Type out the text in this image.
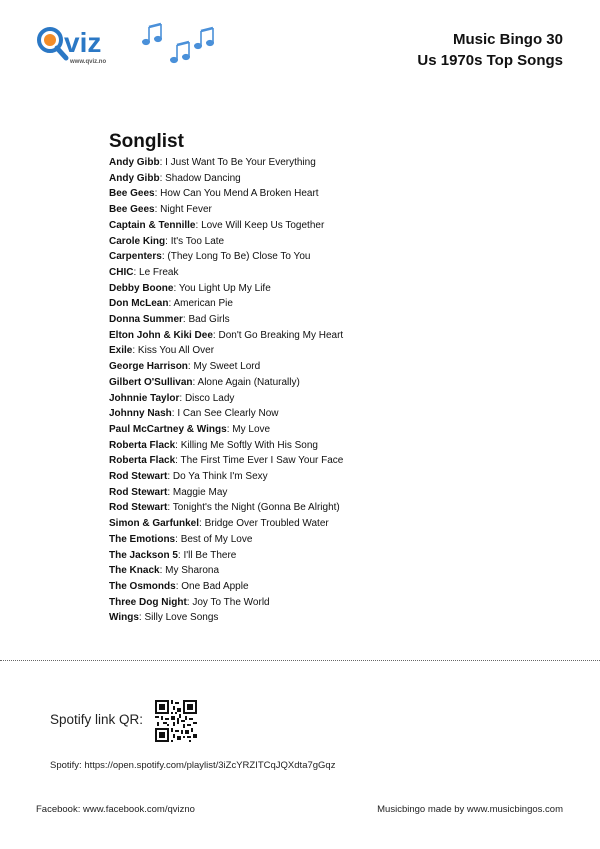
viz
www.qviz.no
Music Bingo 30
Us 1970s Top Songs
Songlist
Andy Gibb: I Just Want To Be Your Everything
Andy Gibb: Shadow Dancing
Bee Gees: How Can You Mend A Broken Heart
Bee Gees: Night Fever
Captain & Tennille: Love Will Keep Us Together
Carole King: It's Too Late
Carpenters: (They Long To Be) Close To You
CHIC: Le Freak
Debby Boone: You Light Up My Life
Don McLean: American Pie
Donna Summer: Bad Girls
Elton John & Kiki Dee: Don't Go Breaking My Heart
Exile: Kiss You All Over
George Harrison: My Sweet Lord
Gilbert O'Sullivan: Alone Again (Naturally)
Johnnie Taylor: Disco Lady
Johnny Nash: I Can See Clearly Now
Paul McCartney & Wings: My Love
Roberta Flack: Killing Me Softly With His Song
Roberta Flack: The First Time Ever I Saw Your Face
Rod Stewart: Do Ya Think I'm Sexy
Rod Stewart: Maggie May
Rod Stewart: Tonight's the Night (Gonna Be Alright)
Simon & Garfunkel: Bridge Over Troubled Water
The Emotions: Best of My Love
The Jackson 5: I'll Be There
The Knack: My Sharona
The Osmonds: One Bad Apple
Three Dog Night: Joy To The World
Wings: Silly Love Songs
Spotify link QR:
Spotify: https://open.spotify.com/playlist/3iZcYRZITCqJQXdta7gGqz
Facebook: www.facebook.com/qvizno	Musicbingo made by www.musicbingos.com
